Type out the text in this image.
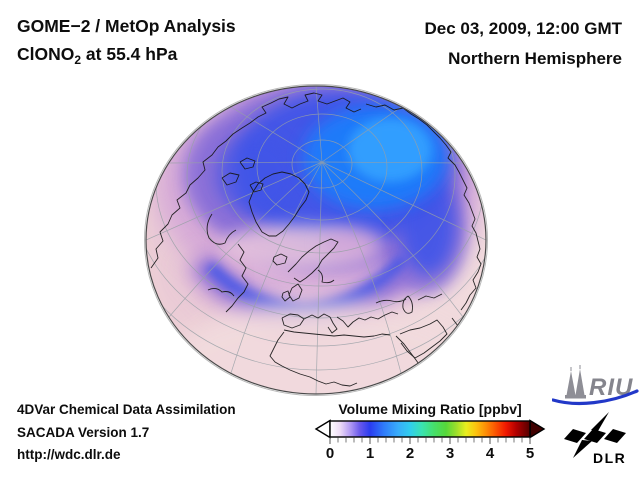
GOME−2 / MetOp Analysis
ClONO$_2$ at 55.4 hPa
Dec 03, 2009, 12:00 GMT
Northern Hemisphere
4DVar Chemical Data Assimilation
SACADA Version 1.7
http://wdc.dlr.de
Volume Mixing Ratio [ppbv]
0	1	2	3	4	5
RIU
DLR
